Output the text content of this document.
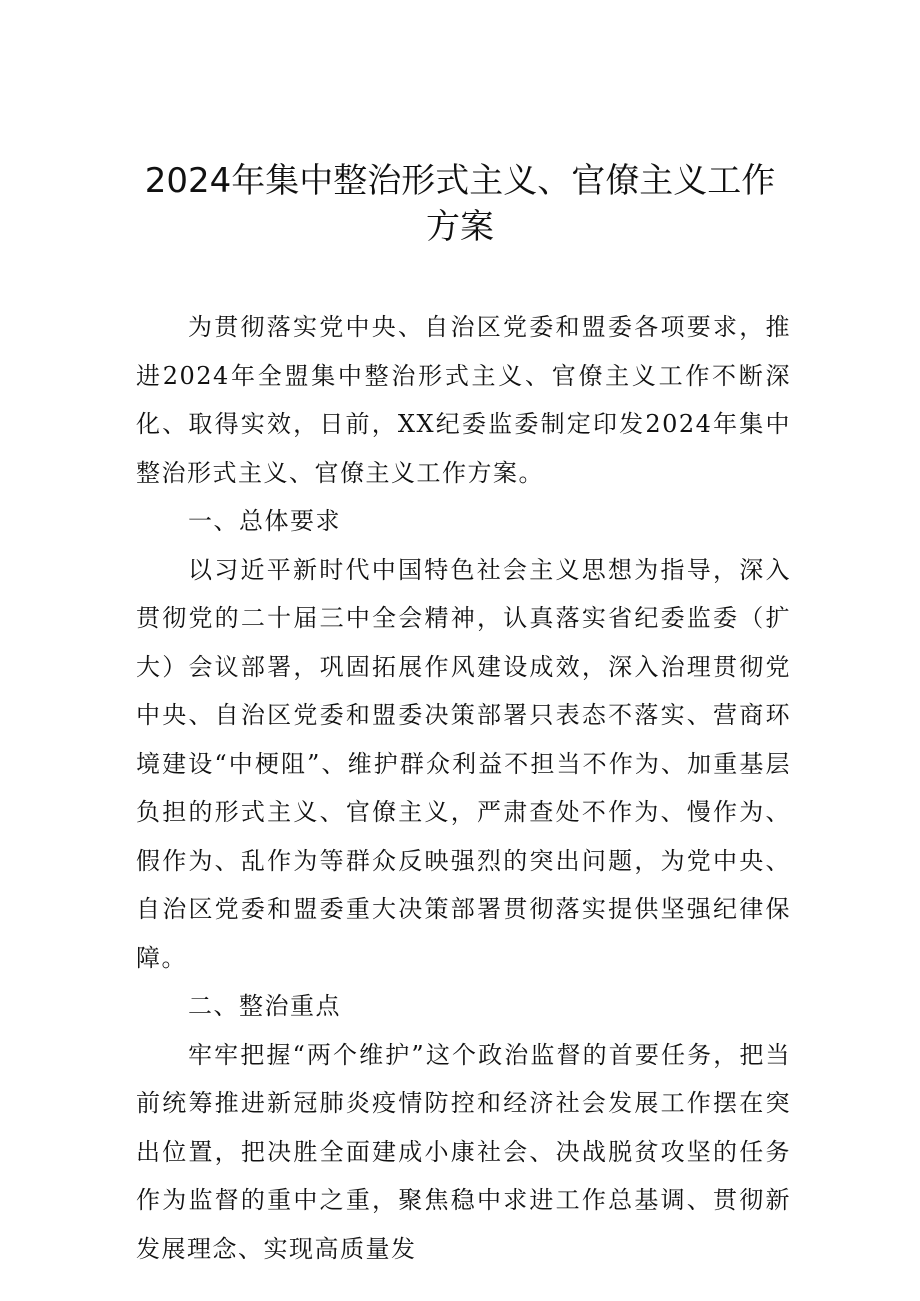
2024年集中整治形式主义、官僚主义工作
方案

为贯彻落实党中央、自治区党委和盟委各项要求，推进2024年全盟集中整治形式主义、官僚主义工作不断深化、取得实效，日前，XX纪委监委制定印发2024年集中整治形式主义、官僚主义工作方案。

一、总体要求

以习近平新时代中国特色社会主义思想为指导，深入贯彻党的二十届三中全会精神，认真落实省纪委监委（扩大）会议部署，巩固拓展作风建设成效，深入治理贯彻党中央、自治区党委和盟委决策部署只表态不落实、营商环境建设“中梗阻”、维护群众利益不担当不作为、加重基层负担的形式主义、官僚主义，严肃查处不作为、慢作为、假作为、乱作为等群众反映强烈的突出问题，为党中央、自治区党委和盟委重大决策部署贯彻落实提供坚强纪律保障。

二、整治重点

牢牢把握“两个维护”这个政治监督的首要任务，把当前统筹推进新冠肺炎疫情防控和经济社会发展工作摆在突出位置，把决胜全面建成小康社会、决战脱贫攻坚的任务作为监督的重中之重，聚焦稳中求进工作总基调、贯彻新发展理念、实现高质量发
